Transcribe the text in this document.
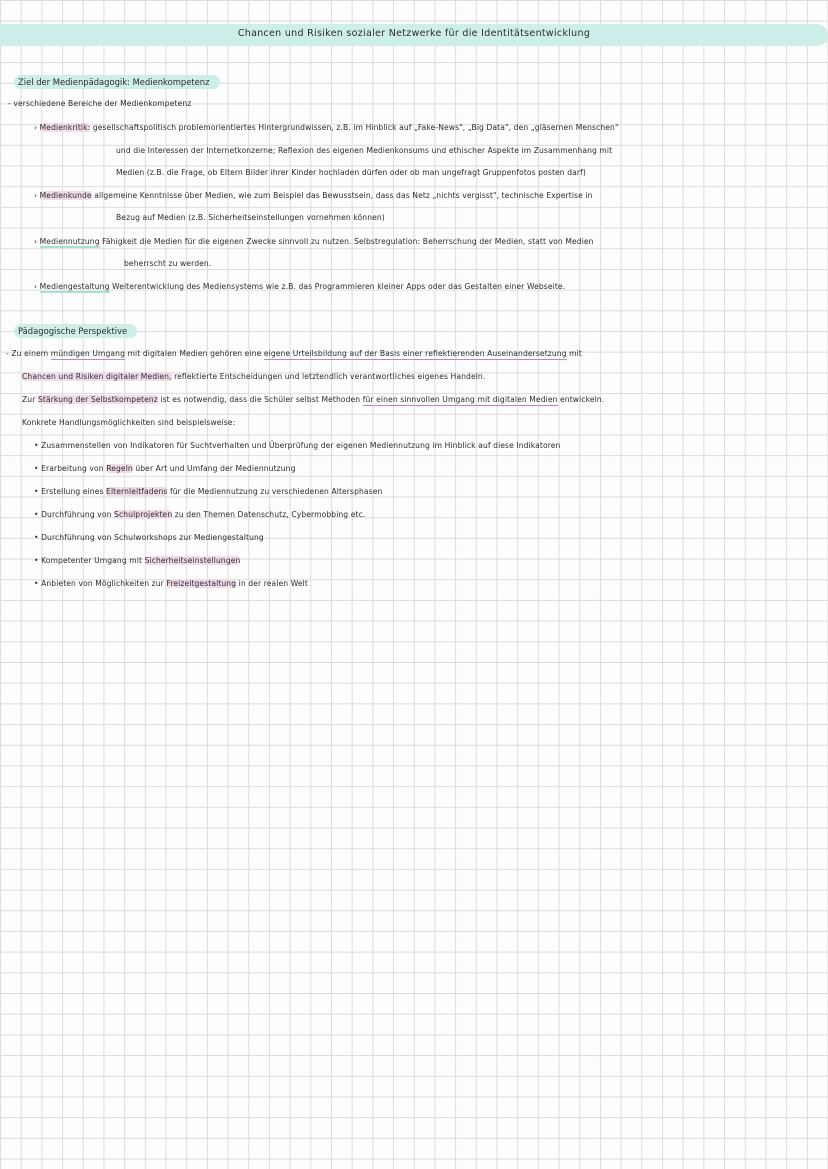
Chancen und Risiken sozialer Netzwerke für die Identitätsentwicklung
Ziel der Medienpädagogik: Medienkompetenz
- verschiedene Bereiche der Medienkompetenz
› Medienkritik: gesellschaftspolitisch problemorientiertes Hintergrundwissen, z.B. im Hinblick auf „Fake-News", „Big Data", den „gläsernen Menschen"
und die Interessen der Internetkonzerne; Reflexion des eigenen Medienkonsums und ethischer Aspekte im Zusammenhang mit
Medien (z.B. die Frage, ob Eltern Bilder ihrer Kinder hochladen dürfen oder ob man ungefragt Gruppenfotos posten darf)
› Medienkunde allgemeine Kenntnisse über Medien, wie zum Beispiel das Bewusstsein, dass das Netz „nichts vergisst", technische Expertise in
Bezug auf Medien (z.B. Sicherheitseinstellungen vornehmen können)
› Mediennutzung Fähigkeit die Medien für die eigenen Zwecke sinnvoll zu nutzen. Selbstregulation: Beherrschung der Medien, statt von Medien
beherrscht zu werden.
› Mediengestaltung Weiterentwicklung des Mediensystems wie z.B. das Programmieren kleiner Apps oder das Gestalten einer Webseite.
Pädagogische Perspektive
- Zu einem mündigen Umgang mit digitalen Medien gehören eine eigene Urteilsbildung auf der Basis einer reflektierenden Auseinandersetzung mit
Chancen und Risiken digitaler Medien, reflektierte Entscheidungen und letztendlich verantwortliches eigenes Handeln.
Zur Stärkung der Selbstkompetenz ist es notwendig, dass die Schüler selbst Methoden für einen sinnvollen Umgang mit digitalen Medien entwickeln.
Konkrete Handlungsmöglichkeiten sind beispielsweise:
• Zusammenstellen von Indikatoren für Suchtverhalten und Überprüfung der eigenen Mediennutzung im Hinblick auf diese Indikatoren
• Erarbeitung von Regeln über Art und Umfang der Mediennutzung
• Erstellung eines Elternleitfadens für die Mediennutzung zu verschiedenen Altersphasen
• Durchführung von Schulprojekten zu den Themen Datenschutz, Cybermobbing etc.
• Durchführung von Schulworkshops zur Mediengestaltung
• Kompetenter Umgang mit Sicherheitseinstellungen
• Anbieten von Möglichkeiten zur Freizeitgestaltung in der realen Welt
